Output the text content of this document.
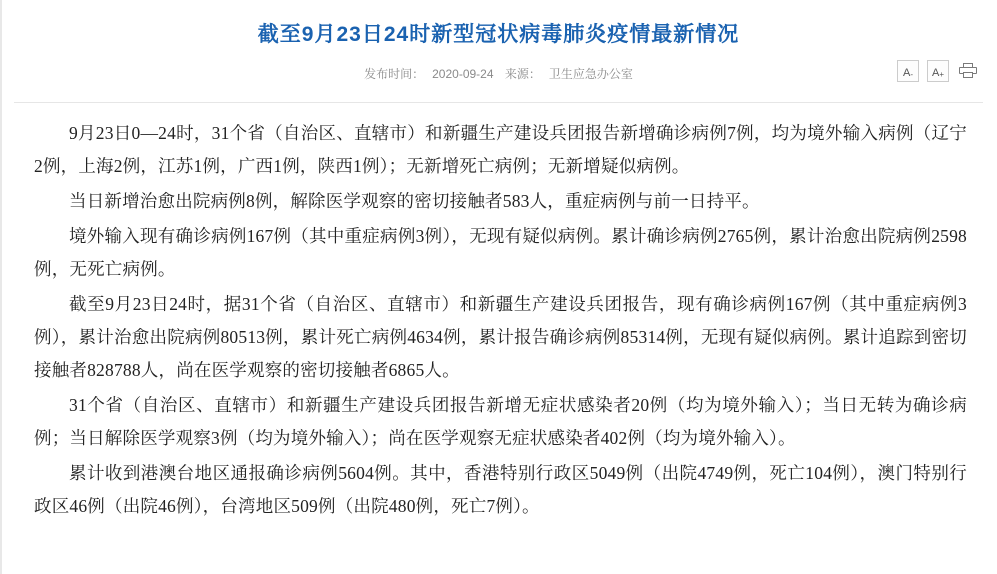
截至9月23日24时新型冠状病毒肺炎疫情最新情况
发布时间： 2020-09-24 来源： 卫生应急办公室	A - A +

9月23日0—24时，31个省（自治区、直辖市）和新疆生产建设兵团报告新增确诊病例7例，均为境外输入病例（辽宁2例，上海2例，江苏1例，广西1例，陕西1例）；无新增死亡病例；无新增疑似病例。

当日新增治愈出院病例8例，解除医学观察的密切接触者583人，重症病例与前一日持平。

境外输入现有确诊病例167例（其中重症病例3例），无现有疑似病例。累计确诊病例2765例，累计治愈出院病例2598例，无死亡病例。

截至9月23日24时，据31个省（自治区、直辖市）和新疆生产建设兵团报告，现有确诊病例167例（其中重症病例3例），累计治愈出院病例80513例，累计死亡病例4634例，累计报告确诊病例85314例，无现有疑似病例。累计追踪到密切接触者828788人，尚在医学观察的密切接触者6865人。

31个省（自治区、直辖市）和新疆生产建设兵团报告新增无症状感染者20例（均为境外输入）；当日无转为确诊病例；当日解除医学观察3例（均为境外输入）；尚在医学观察无症状感染者402例（均为境外输入）。

累计收到港澳台地区通报确诊病例5604例。其中，香港特别行政区5049例（出院4749例，死亡104例），澳门特别行政区46例（出院46例），台湾地区509例（出院480例，死亡7例）。
